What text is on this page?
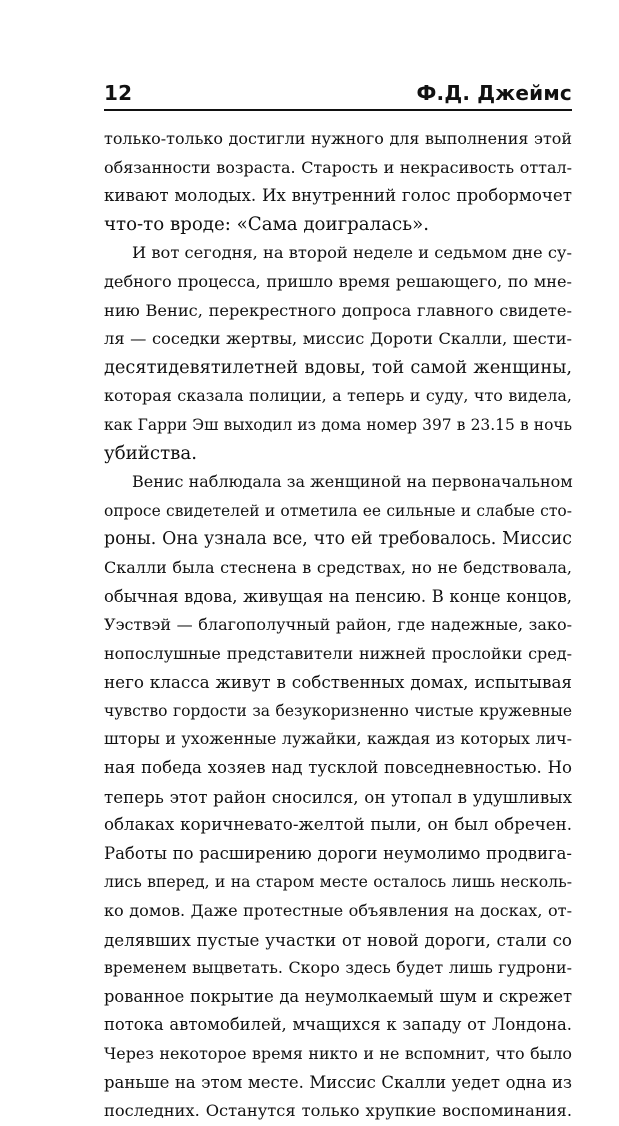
12	Ф.Д. Джеймс
только-только достигли нужного для выполнения этой
обязанности возраста. Старость и некрасивость оттал-
кивают молодых. Их внутренний голос пробормочет
что-то вроде: «Сама доигралась».
И вот сегодня, на второй неделе и седьмом дне су-
дебного процесса, пришло время решающего, по мне-
нию Венис, перекрестного допроса главного свидете-
ля — соседки жертвы, миссис Дороти Скалли, шести-
десятидевятилетней вдовы, той самой женщины,
которая сказала полиции, а теперь и суду, что видела,
как Гарри Эш выходил из дома номер 397 в 23.15 в ночь
убийства.
Венис наблюдала за женщиной на первоначальном
опросе свидетелей и отметила ее сильные и слабые сто-
роны. Она узнала все, что ей требовалось. Миссис
Скалли была стеснена в средствах, но не бедствовала,
обычная вдова, живущая на пенсию. В конце концов,
Уэствэй — благополучный район, где надежные, зако-
нопослушные представители нижней прослойки сред-
него класса живут в собственных домах, испытывая
чувство гордости за безукоризненно чистые кружевные
шторы и ухоженные лужайки, каждая из которых лич-
ная победа хозяев над тусклой повседневностью. Но
теперь этот район сносился, он утопал в удушливых
облаках коричневато-желтой пыли, он был обречен.
Работы по расширению дороги неумолимо продвига-
лись вперед, и на старом месте осталось лишь несколь-
ко домов. Даже протестные объявления на досках, от-
делявших пустые участки от новой дороги, стали со
временем выцветать. Скоро здесь будет лишь гудрони-
рованное покрытие да неумолкаемый шум и скрежет
потока автомобилей, мчащихся к западу от Лондона.
Через некоторое время никто и не вспомнит, что было
раньше на этом месте. Миссис Скалли уедет одна из
последних. Останутся только хрупкие воспоминания.
